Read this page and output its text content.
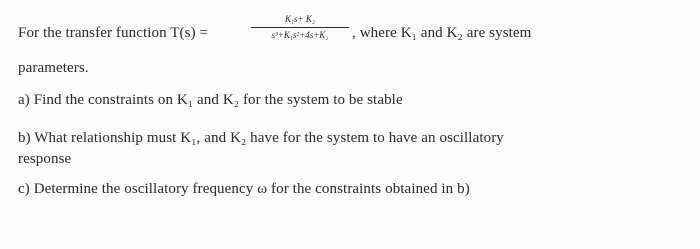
For the transfer function T(s) =
K₁s+ K₂
s³+K₁s²+4s+K₂	, where K₁ and K₂ are system
parameters.
a) Find the constraints on K₁ and K₂ for the system to be stable
b) What relationship must K₁, and K₂ have for the system to have an oscillatory
response
c) Determine the oscillatory frequency ω for the constraints obtained in b)
